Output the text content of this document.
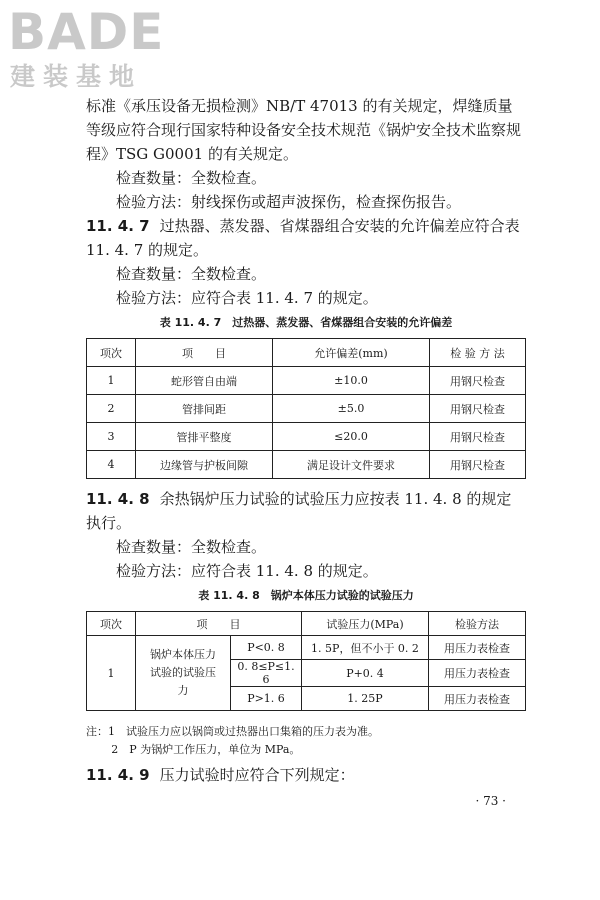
BADE
建装基地

标准《承压设备无损检测》NB/T 47013 的有关规定，焊缝质量等级应符合现行国家特种设备安全技术规范《锅炉安全技术监察规程》TSG G0001 的有关规定。

检查数量：全数检查。

检验方法：射线探伤或超声波探伤，检查探伤报告。

11. 4. 7 过热器、蒸发器、省煤器组合安装的允许偏差应符合表 11. 4. 7 的规定。

检查数量：全数检查。

检验方法：应符合表 11. 4. 7 的规定。

表 11. 4. 7　过热器、蒸发器、省煤器组合安装的允许偏差
项次	项　　目	允许偏差(mm)	检 验 方 法
1	蛇形管自由端	±10.0	用钢尺检查
2	管排间距	±5.0	用钢尺检查
3	管排平整度	≤20.0	用钢尺检查
4	边缘管与护板间隙	满足设计文件要求	用钢尺检查

11. 4. 8 余热锅炉压力试验的试验压力应按表 11. 4. 8 的规定执行。

检查数量：全数检查。

检验方法：应符合表 11. 4. 8 的规定。

表 11. 4. 8　锅炉本体压力试验的试验压力
项次	项　　目		试验压力(MPa)	检验方法
1	锅炉本体压力试验的试验压力	P<0. 8	1. 5P，但不小于 0. 2	用压力表检查
		0. 8≤P≤1. 6	P+0. 4	用压力表检查
		P>1. 6	1. 25P	用压力表检查
注：1　试验压力应以锅筒或过热器出口集箱的压力表为准。
2　P 为锅炉工作压力，单位为 MPa。

11. 4. 9 压力试验时应符合下列规定：

· 73 ·
